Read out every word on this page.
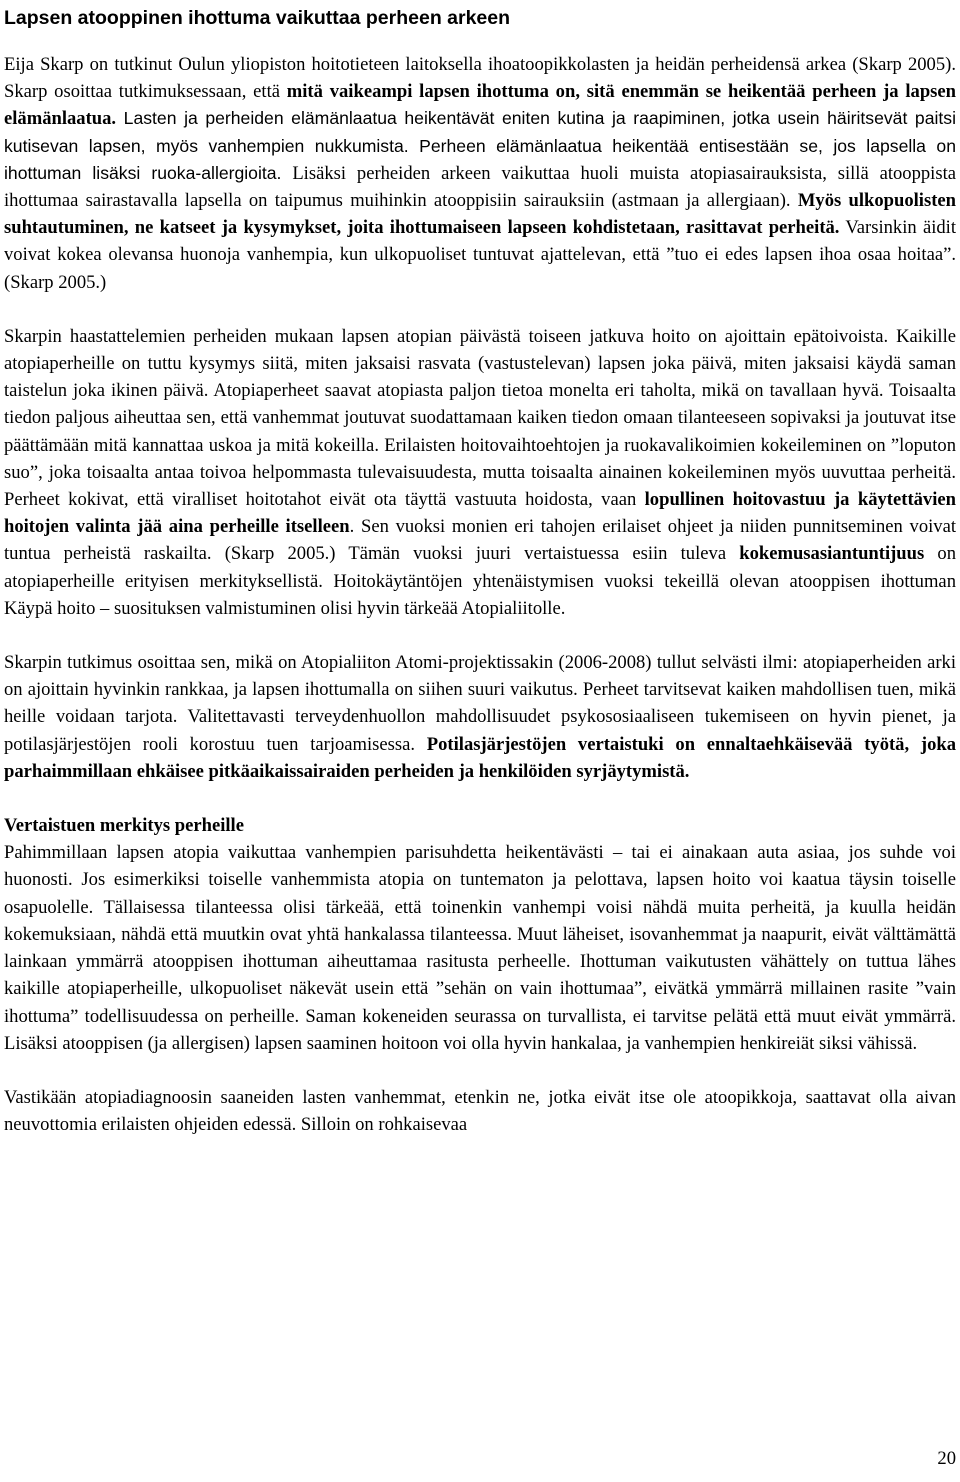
Lapsen atooppinen ihottuma vaikuttaa perheen arkeen

Eija Skarp on tutkinut Oulun yliopiston hoitotieteen laitoksella ihoatoopikkolasten ja heidän perheidensä arkea (Skarp 2005). Skarp osoittaa tutkimuksessaan, että mitä vaikeampi lapsen ihottuma on, sitä enemmän se heikentää perheen ja lapsen elämänlaatua. Lasten ja perheiden elämänlaatua heikentävät eniten kutina ja raapiminen, jotka usein häiritsevät paitsi kutisevan lapsen, myös vanhempien nukkumista. Perheen elämänlaatua heikentää entisestään se, jos lapsella on ihottuman lisäksi ruoka-allergioita. Lisäksi perheiden arkeen vaikuttaa huoli muista atopiasairauksista, sillä atooppista ihottumaa sairastavalla lapsella on taipumus muihinkin atooppisiin sairauksiin (astmaan ja allergiaan). Myös ulkopuolisten suhtautuminen, ne katseet ja kysymykset, joita ihottumaiseen lapseen kohdistetaan, rasittavat perheitä. Varsinkin äidit voivat kokea olevansa huonoja vanhempia, kun ulkopuoliset tuntuvat ajattelevan, että ”tuo ei edes lapsen ihoa osaa hoitaa”. (Skarp 2005.)

Skarpin haastattelemien perheiden mukaan lapsen atopian päivästä toiseen jatkuva hoito on ajoittain epätoivoista. Kaikille atopiaperheille on tuttu kysymys siitä, miten jaksaisi rasvata (vastustelevan) lapsen joka päivä, miten jaksaisi käydä saman taistelun joka ikinen päivä. Atopiaperheet saavat atopiasta paljon tietoa monelta eri taholta, mikä on tavallaan hyvä. Toisaalta tiedon paljous aiheuttaa sen, että vanhemmat joutuvat suodattamaan kaiken tiedon omaan tilanteeseen sopivaksi ja joutuvat itse päättämään mitä kannattaa uskoa ja mitä kokeilla. Erilaisten hoitovaihtoehtojen ja ruokavalikoimien kokeileminen on ”loputon suo”, joka toisaalta antaa toivoa helpommasta tulevaisuudesta, mutta toisaalta ainainen kokeileminen myös uuvuttaa perheitä. Perheet kokivat, että viralliset hoitotahot eivät ota täyttä vastuuta hoidosta, vaan lopullinen hoitovastuu ja käytettävien hoitojen valinta jää aina perheille itselleen. Sen vuoksi monien eri tahojen erilaiset ohjeet ja niiden punnitseminen voivat tuntua perheistä raskailta. (Skarp 2005.) Tämän vuoksi juuri vertaistuessa esiin tuleva kokemusasiantuntijuus on atopiaperheille erityisen merkityksellistä. Hoitokäytäntöjen yhtenäistymisen vuoksi tekeillä olevan atooppisen ihottuman Käypä hoito – suosituksen valmistuminen olisi hyvin tärkeää Atopialiitolle.

Skarpin tutkimus osoittaa sen, mikä on Atopialiiton Atomi-projektissakin (2006-2008) tullut selvästi ilmi: atopiaperheiden arki on ajoittain hyvinkin rankkaa, ja lapsen ihottumalla on siihen suuri vaikutus. Perheet tarvitsevat kaiken mahdollisen tuen, mikä heille voidaan tarjota. Valitettavasti terveydenhuollon mahdollisuudet psykososiaaliseen tukemiseen on hyvin pienet, ja potilasjärjestöjen rooli korostuu tuen tarjoamisessa. Potilasjärjestöjen vertaistuki on ennaltaehkäisevää työtä, joka parhaimmillaan ehkäisee pitkäaikaissairaiden perheiden ja henkilöiden syrjäytymistä.

Vertaistuen merkitys perheille

Pahimmillaan lapsen atopia vaikuttaa vanhempien parisuhdetta heikentävästi – tai ei ainakaan auta asiaa, jos suhde voi huonosti. Jos esimerkiksi toiselle vanhemmista atopia on tuntematon ja pelottava, lapsen hoito voi kaatua täysin toiselle osapuolelle. Tällaisessa tilanteessa olisi tärkeää, että toinenkin vanhempi voisi nähdä muita perheitä, ja kuulla heidän kokemuksiaan, nähdä että muutkin ovat yhtä hankalassa tilanteessa. Muut läheiset, isovanhemmat ja naapurit, eivät välttämättä lainkaan ymmärrä atooppisen ihottuman aiheuttamaa rasitusta perheelle. Ihottuman vaikutusten vähättely on tuttua lähes kaikille atopiaperheille, ulkopuoliset näkevät usein että ”sehän on vain ihottumaa”, eivätkä ymmärrä millainen rasite ”vain ihottuma” todellisuudessa on perheille. Saman kokeneiden seurassa on turvallista, ei tarvitse pelätä että muut eivät ymmärrä. Lisäksi atooppisen (ja allergisen) lapsen saaminen hoitoon voi olla hyvin hankalaa, ja vanhempien henkireiät siksi vähissä.

Vastikään atopiadiagnoosin saaneiden lasten vanhemmat, etenkin ne, jotka eivät itse ole atoopikkoja, saattavat olla aivan neuvottomia erilaisten ohjeiden edessä. Silloin on rohkaisevaa

20
